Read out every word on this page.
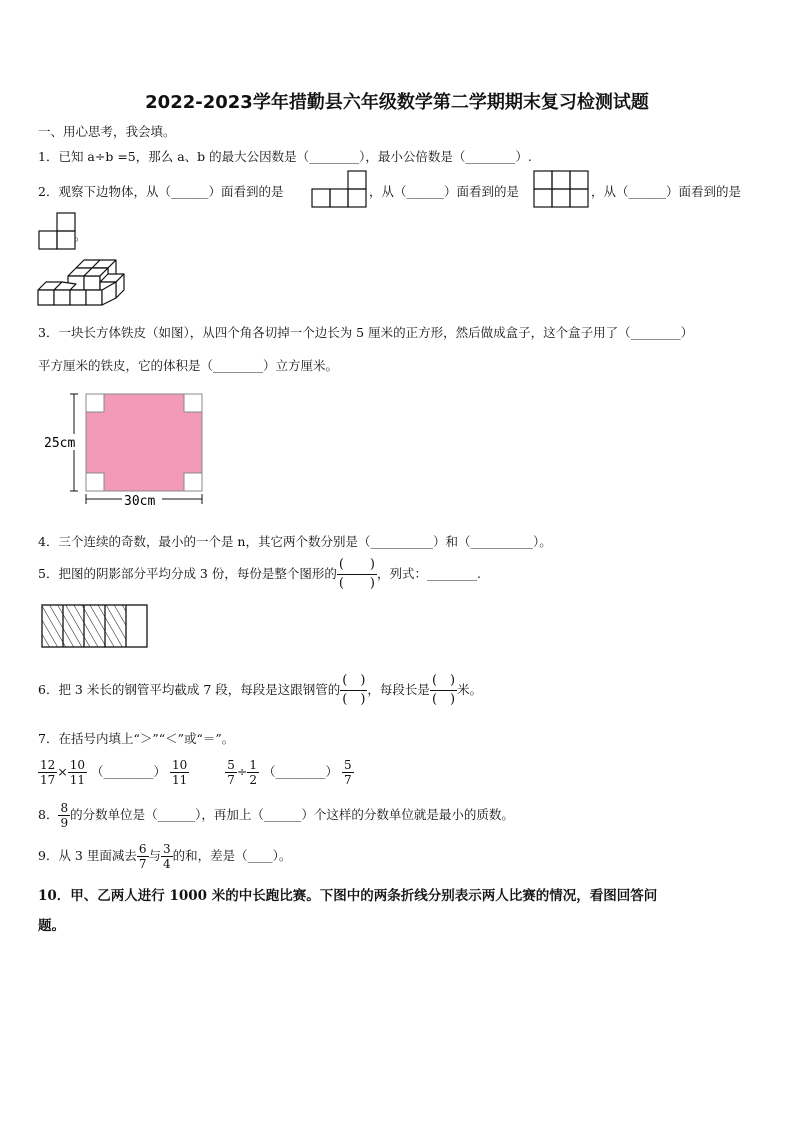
2022-2023学年措勤县六年级数学第二学期期末复习检测试题
一、用心思考，我会填。
1．已知 a÷b =5，那么 a、b 的最大公因数是（________），最小公倍数是（________）.
2．观察下边物体，从（______）面看到的是	，从（______）面看到的是	，从（______）面看到的是
。
3．一块长方体铁皮（如图），从四个角各切掉一个边长为 5 厘米的正方形，然后做成盒子，这个盒子用了（________）
平方厘米的铁皮，它的体积是（________）立方厘米。
25cm
30cm
4．三个连续的奇数，最小的一个是 n，其它两个数分别是（__________）和（__________）。
5．把图的阴影部分平均分成 3 份，每份是整个图形的 $\frac{( )}{( )}$ ，列式：________.
6．把 3 米长的钢管平均截成 7 段，每段是这跟钢管的 $\frac{( )}{( )}$ ，每段长是 $\frac{( )}{( )}$ 米。
7．在括号内填上“＞”“＜”或“＝”。
$\frac{12}{17} \times \frac{10}{11}$ （________） $\frac{10}{11}$
	$\frac{5}{7} \div \frac{1}{2}$ （________） $\frac{5}{7}$
8． $\frac{8}{9}$ 的分数单位是（______），再加上（______）个这样的分数单位就是最小的质数。
9．从 3 里面减去 $\frac{6}{7}$ 与 $\frac{3}{4}$ 的和，差是（____）。
10．甲、乙两人进行 1000 米的中长跑比赛。下图中的两条折线分别表示两人比赛的情况，看图回答问
题。
